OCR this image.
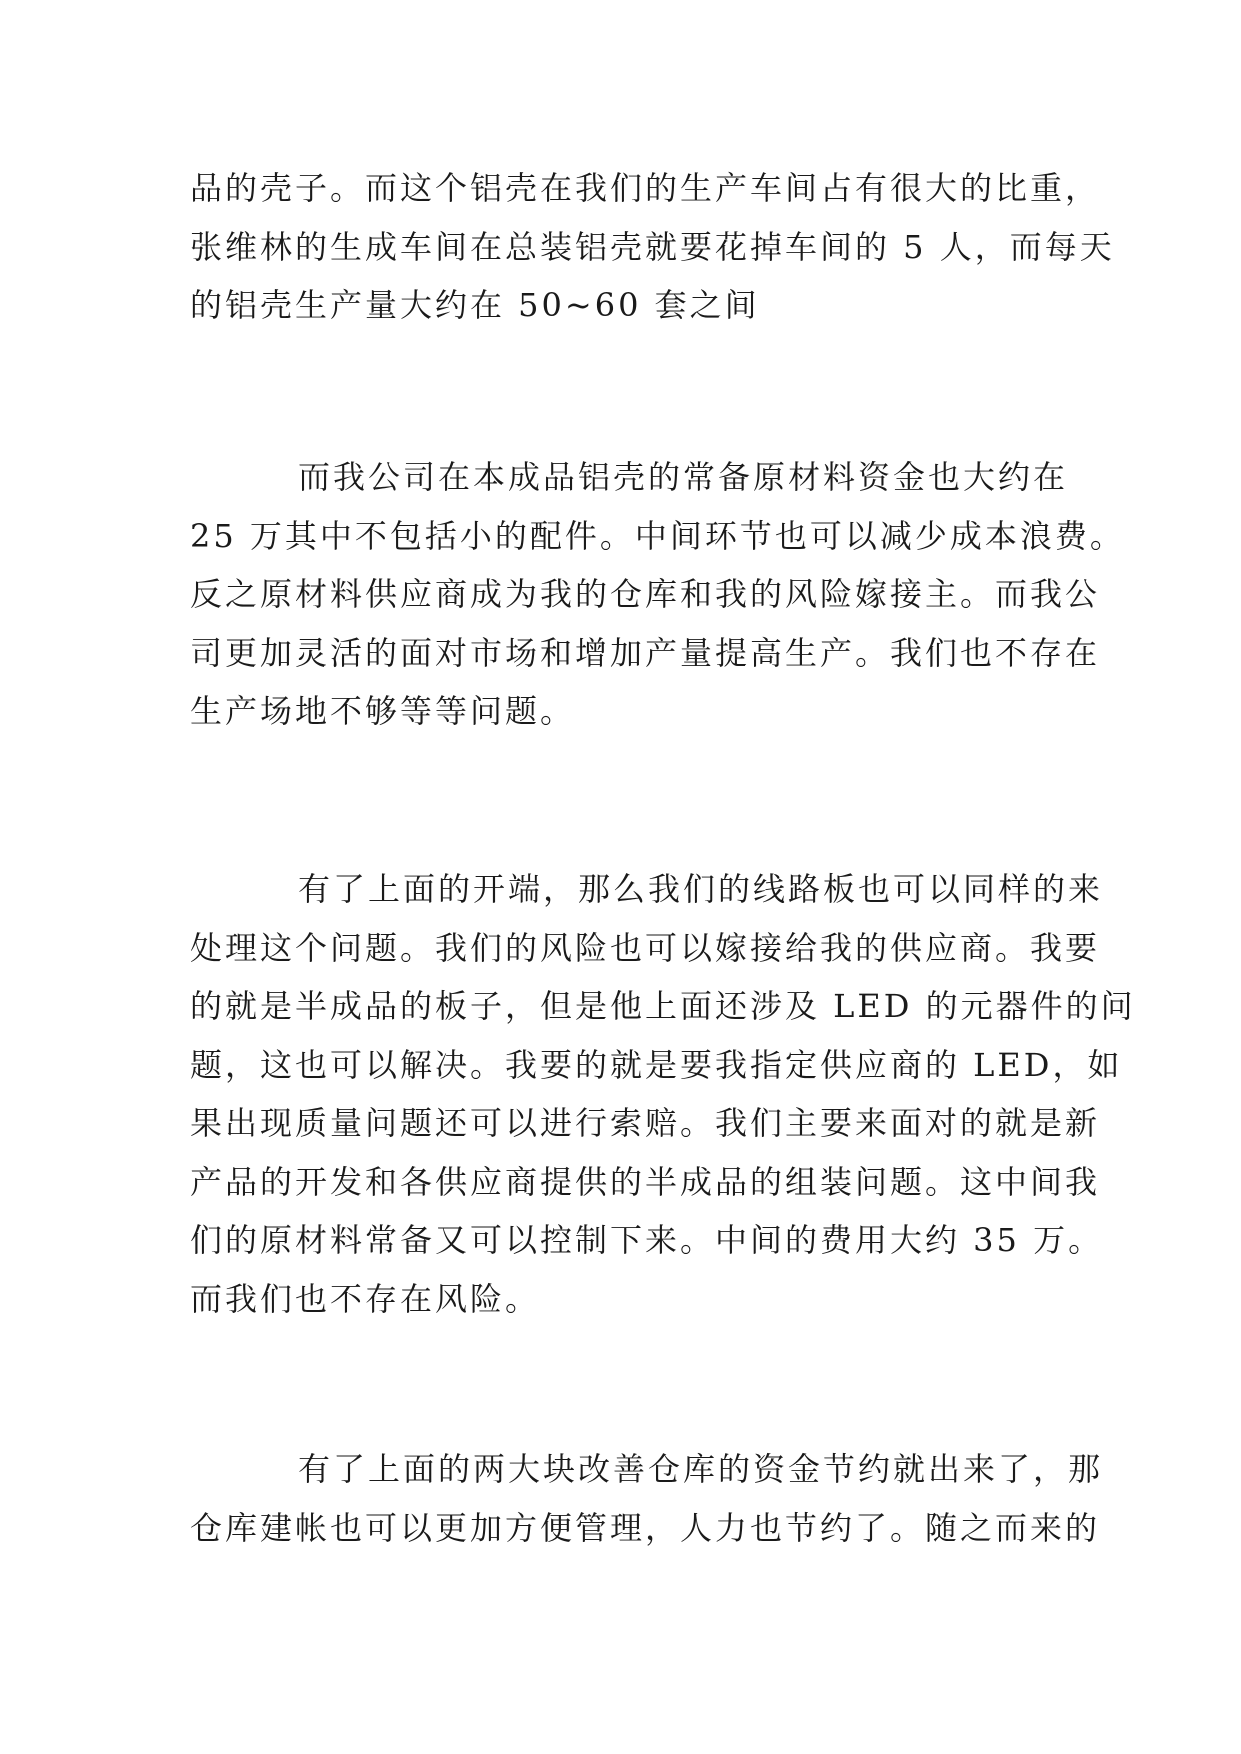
品的壳子。而这个铝壳在我们的生产车间占有很大的比重，
张维林的生成车间在总装铝壳就要花掉车间的 5 人，而每天
的铝壳生产量大约在 50~60 套之间

而我公司在本成品铝壳的常备原材料资金也大约在
25 万其中不包括小的配件。中间环节也可以减少成本浪费。
反之原材料供应商成为我的仓库和我的风险嫁接主。而我公
司更加灵活的面对市场和增加产量提高生产。我们也不存在
生产场地不够等等问题。

有了上面的开端，那么我们的线路板也可以同样的来
处理这个问题。我们的风险也可以嫁接给我的供应商。我要
的就是半成品的板子，但是他上面还涉及 LED 的元器件的问
题，这也可以解决。我要的就是要我指定供应商的 LED，如
果出现质量问题还可以进行索赔。我们主要来面对的就是新
产品的开发和各供应商提供的半成品的组装问题。这中间我
们的原材料常备又可以控制下来。中间的费用大约 35 万。
而我们也不存在风险。

有了上面的两大块改善仓库的资金节约就出来了，那
仓库建帐也可以更加方便管理，人力也节约了。随之而来的
